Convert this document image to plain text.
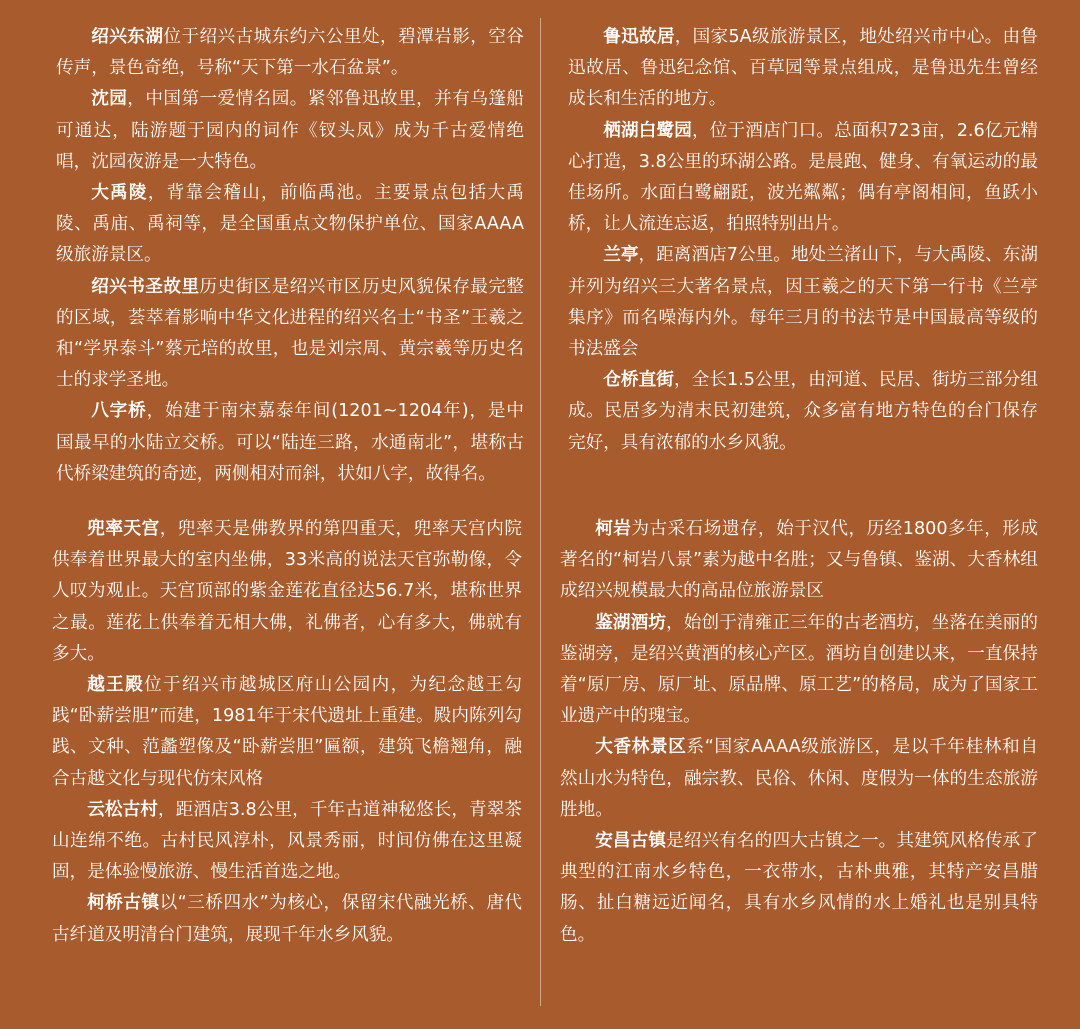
绍兴东湖位于绍兴古城东约六公里处，碧潭岩影，空谷传声，景色奇绝，号称“天下第一水石盆景”。

沈园，中国第一爱情名园。紧邻鲁迅故里，并有乌篷船可通达，陆游题于园内的词作《钗头凤》成为千古爱情绝唱，沈园夜游是一大特色。

大禹陵，背靠会稽山，前临禹池。主要景点包括大禹陵、禹庙、禹祠等，是全国重点文物保护单位、国家AAAA级旅游景区。

绍兴书圣故里历史街区是绍兴市区历史风貌保存最完整的区域，荟萃着影响中华文化进程的绍兴名士“书圣”王羲之和“学界泰斗”蔡元培的故里，也是刘宗周、黄宗羲等历史名士的求学圣地。

八字桥，始建于南宋嘉泰年间(1201~1204年)，是中国最早的水陆立交桥。可以“陆连三路，水通南北”，堪称古代桥梁建筑的奇迹，两侧相对而斜，状如八字，故得名。

鲁迅故居，国家5A级旅游景区，地处绍兴市中心。由鲁迅故居、鲁迅纪念馆、百草园等景点组成，是鲁迅先生曾经成长和生活的地方。

栖湖白鹭园，位于酒店门口。总面积723亩，2.6亿元精心打造，3.8公里的环湖公路。是晨跑、健身、有氧运动的最佳场所。水面白鹭翩跹，波光粼粼；偶有亭阁相间，鱼跃小桥，让人流连忘返，拍照特别出片。

兰亭，距离酒店7公里。地处兰渚山下，与大禹陵、东湖并列为绍兴三大著名景点，因王羲之的天下第一行书《兰亭集序》而名噪海内外。每年三月的书法节是中国最高等级的书法盛会

仓桥直街，全长1.5公里，由河道、民居、街坊三部分组成。民居多为清末民初建筑，众多富有地方特色的台门保存完好，具有浓郁的水乡风貌。

兜率天宫，兜率天是佛教界的第四重天，兜率天宫内院供奉着世界最大的室内坐佛，33米高的说法天官弥勒像，令人叹为观止。天宫顶部的紫金莲花直径达56.7米，堪称世界之最。莲花上供奉着无相大佛，礼佛者，心有多大，佛就有多大。

越王殿位于绍兴市越城区府山公园内，为纪念越王勾践“卧薪尝胆”而建，1981年于宋代遗址上重建。殿内陈列勾践、文种、范蠡塑像及“卧薪尝胆”匾额，建筑飞檐翘角，融合古越文化与现代仿宋风格

云松古村，距酒店3.8公里，千年古道神秘悠长，青翠茶山连绵不绝。古村民风淳朴，风景秀丽，时间仿佛在这里凝固，是体验慢旅游、慢生活首选之地。

柯桥古镇以“三桥四水”为核心，保留宋代融光桥、唐代古纤道及明清台门建筑，展现千年水乡风貌。

柯岩为古采石场遗存，始于汉代，历经1800多年，形成著名的“柯岩八景”素为越中名胜；又与鲁镇、鉴湖、大香林组成绍兴规模最大的高品位旅游景区

鉴湖酒坊，始创于清雍正三年的古老酒坊，坐落在美丽的鉴湖旁，是绍兴黄酒的核心产区。酒坊自创建以来，一直保持着“原厂房、原厂址、原品牌、原工艺”的格局，成为了国家工业遗产中的瑰宝。

大香林景区系“国家AAAA级旅游区，是以千年桂林和自然山水为特色，融宗教、民俗、休闲、度假为一体的生态旅游胜地。

安昌古镇是绍兴有名的四大古镇之一。其建筑风格传承了典型的江南水乡特色，一衣带水，古朴典雅，其特产安昌腊肠、扯白糖远近闻名，具有水乡风情的水上婚礼也是别具特色。
